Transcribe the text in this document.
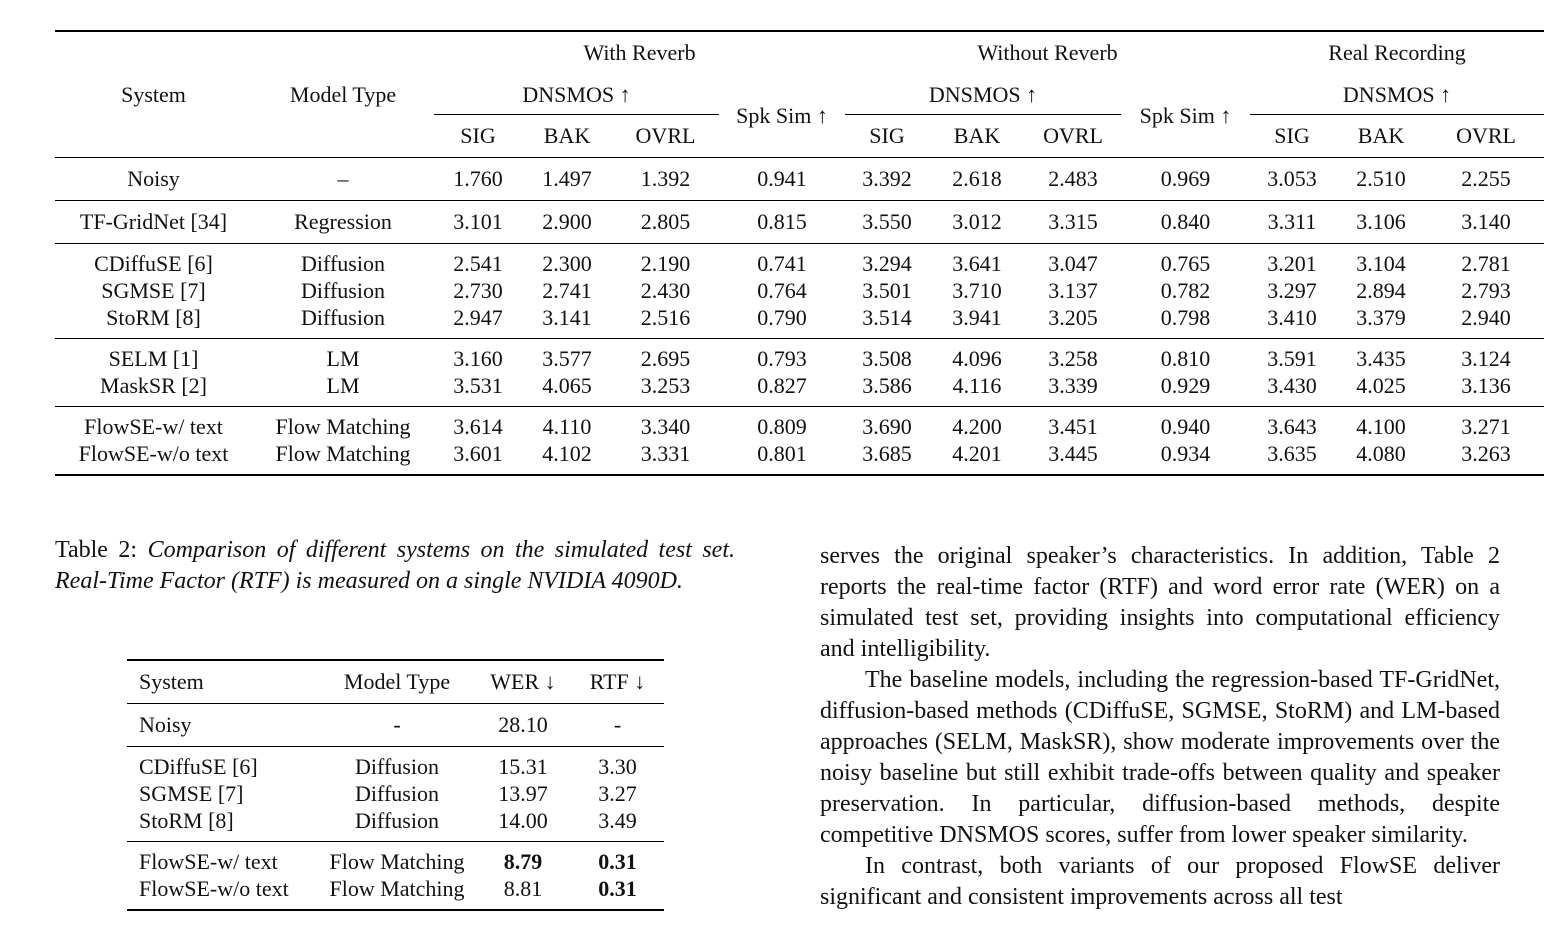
System	Model Type	With Reverb				Without Reverb				Real Recording		
		DNSMOS ↑			Spk Sim ↑	DNSMOS ↑			Spk Sim ↑	DNSMOS ↑		
		SIG	BAK	OVRL		SIG	BAK	OVRL		SIG	BAK	OVRL
Noisy	–	1.760	1.497	1.392	0.941	3.392	2.618	2.483	0.969	3.053	2.510	2.255
TF-GridNet [34]	Regression	3.101	2.900	2.805	0.815	3.550	3.012	3.315	0.840	3.311	3.106	3.140
CDiffuSE [6]	Diffusion	2.541	2.300	2.190	0.741	3.294	3.641	3.047	0.765	3.201	3.104	2.781
SGMSE [7]	Diffusion	2.730	2.741	2.430	0.764	3.501	3.710	3.137	0.782	3.297	2.894	2.793
StoRM [8]	Diffusion	2.947	3.141	2.516	0.790	3.514	3.941	3.205	0.798	3.410	3.379	2.940
SELM [1]	LM	3.160	3.577	2.695	0.793	3.508	4.096	3.258	0.810	3.591	3.435	3.124
MaskSR [2]	LM	3.531	4.065	3.253	0.827	3.586	4.116	3.339	0.929	3.430	4.025	3.136
FlowSE-w/ text	Flow Matching	3.614	4.110	3.340	0.809	3.690	4.200	3.451	0.940	3.643	4.100	3.271
FlowSE-w/o text	Flow Matching	3.601	4.102	3.331	0.801	3.685	4.201	3.445	0.934	3.635	4.080	3.263
Table 2: Comparison of different systems on the simulated test set. Real-Time Factor (RTF) is measured on a single NVIDIA 4090D.
System	Model Type	WER ↓	RTF ↓
Noisy	-	28.10	-
CDiffuSE [6]	Diffusion	15.31	3.30
SGMSE [7]	Diffusion	13.97	3.27
StoRM [8]	Diffusion	14.00	3.49
FlowSE-w/ text	Flow Matching	8.79	0.31
FlowSE-w/o text	Flow Matching	8.81	0.31

serves the original speaker’s characteristics. In addition, Table 2 reports the real-time factor (RTF) and word error rate (WER) on a simulated test set, providing insights into computational efficiency and intelligibility.

The baseline models, including the regression-based TF-GridNet, diffusion-based methods (CDiffuSE, SGMSE, StoRM) and LM-based approaches (SELM, MaskSR), show moderate improvements over the noisy baseline but still exhibit trade-offs between quality and speaker preservation. In particular, diffusion-based methods, despite competitive DNSMOS scores, suffer from lower speaker similarity.

In contrast, both variants of our proposed FlowSE deliver significant and consistent improvements across all test
